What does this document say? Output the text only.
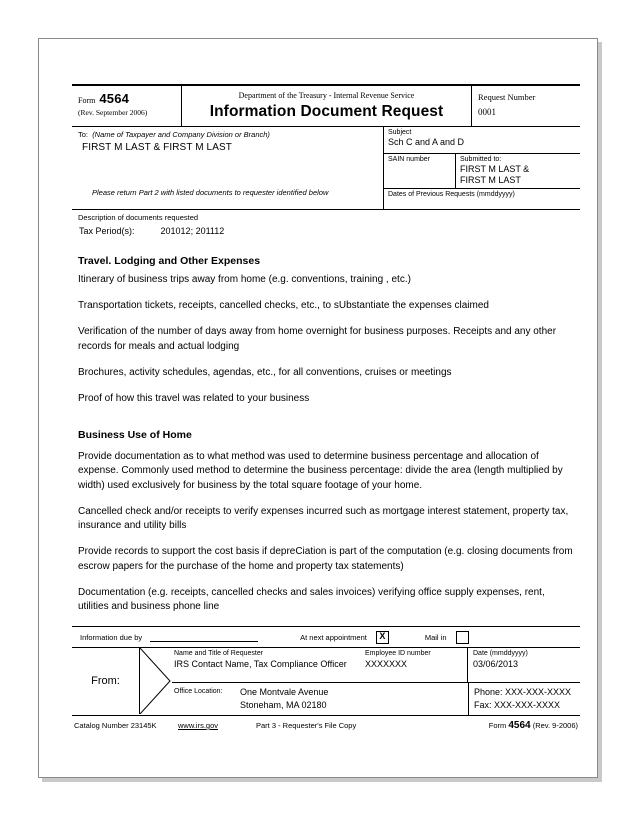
Form 4564
(Rev. September 2006)
Department of the Treasury - Internal Revenue Service
Information Document Request
Request Number
0001
To: (Name of Taxpayer and Company Division or Branch)
FIRST M LAST & FIRST M LAST
Please return Part 2 with listed documents to requester identified below
Subject
Sch C and A and D
SAIN number	Submitted to:
FIRST M LAST &
FIRST M LAST
Dates of Previous Requests (mmddyyyy)
Description of documents requested
Tax Period(s):	201012; 201112
Travel. Lodging and Other Expenses

Itinerary of business trips away from home (e.g. conventions, training , etc.)

Transportation tickets, receipts, cancelled checks, etc., to sUbstantiate the expenses claimed

Verification of the number of days away from home overnight for business purposes. Receipts and any other records for meals and actual lodging

Brochures, activity schedules, agendas, etc., for all conventions, cruises or meetings

Proof of how this travel was related to your business

Business Use of Home

Provide documentation as to what method was used to determine business percentage and allocation of expense. Commonly used method to determine the business percentage: divide the area (length multiplied by width) used exclusively for business by the total square footage of your home.

Cancelled check and/or receipts to verify expenses incurred such as mortgage interest statement, property tax, insurance and utility bills

Provide records to support the cost basis if depreCiation is part of the computation (e.g. closing documents from escrow papers for the purchase of the home and property tax statements)

Documentation (e.g. receipts, cancelled checks and sales invoices) verifying office supply expenses, rent, utilities and business phone line

Information due by	At next appointment X	Mail in
From:
Name and Title of Requester
IRS Contact Name, Tax Compliance Officer
Employee ID number
XXXXXXX
Date (mmddyyyy)
03/06/2013
Office Location:	One Montvale Avenue
Stoneham, MA 02180
Phone: XXX-XXX-XXXX
Fax: XXX-XXX-XXXX
Catalog Number 23145K	www.irs.gov	Part 3 - Requester's File Copy	Form 4564 (Rev. 9-2006)
